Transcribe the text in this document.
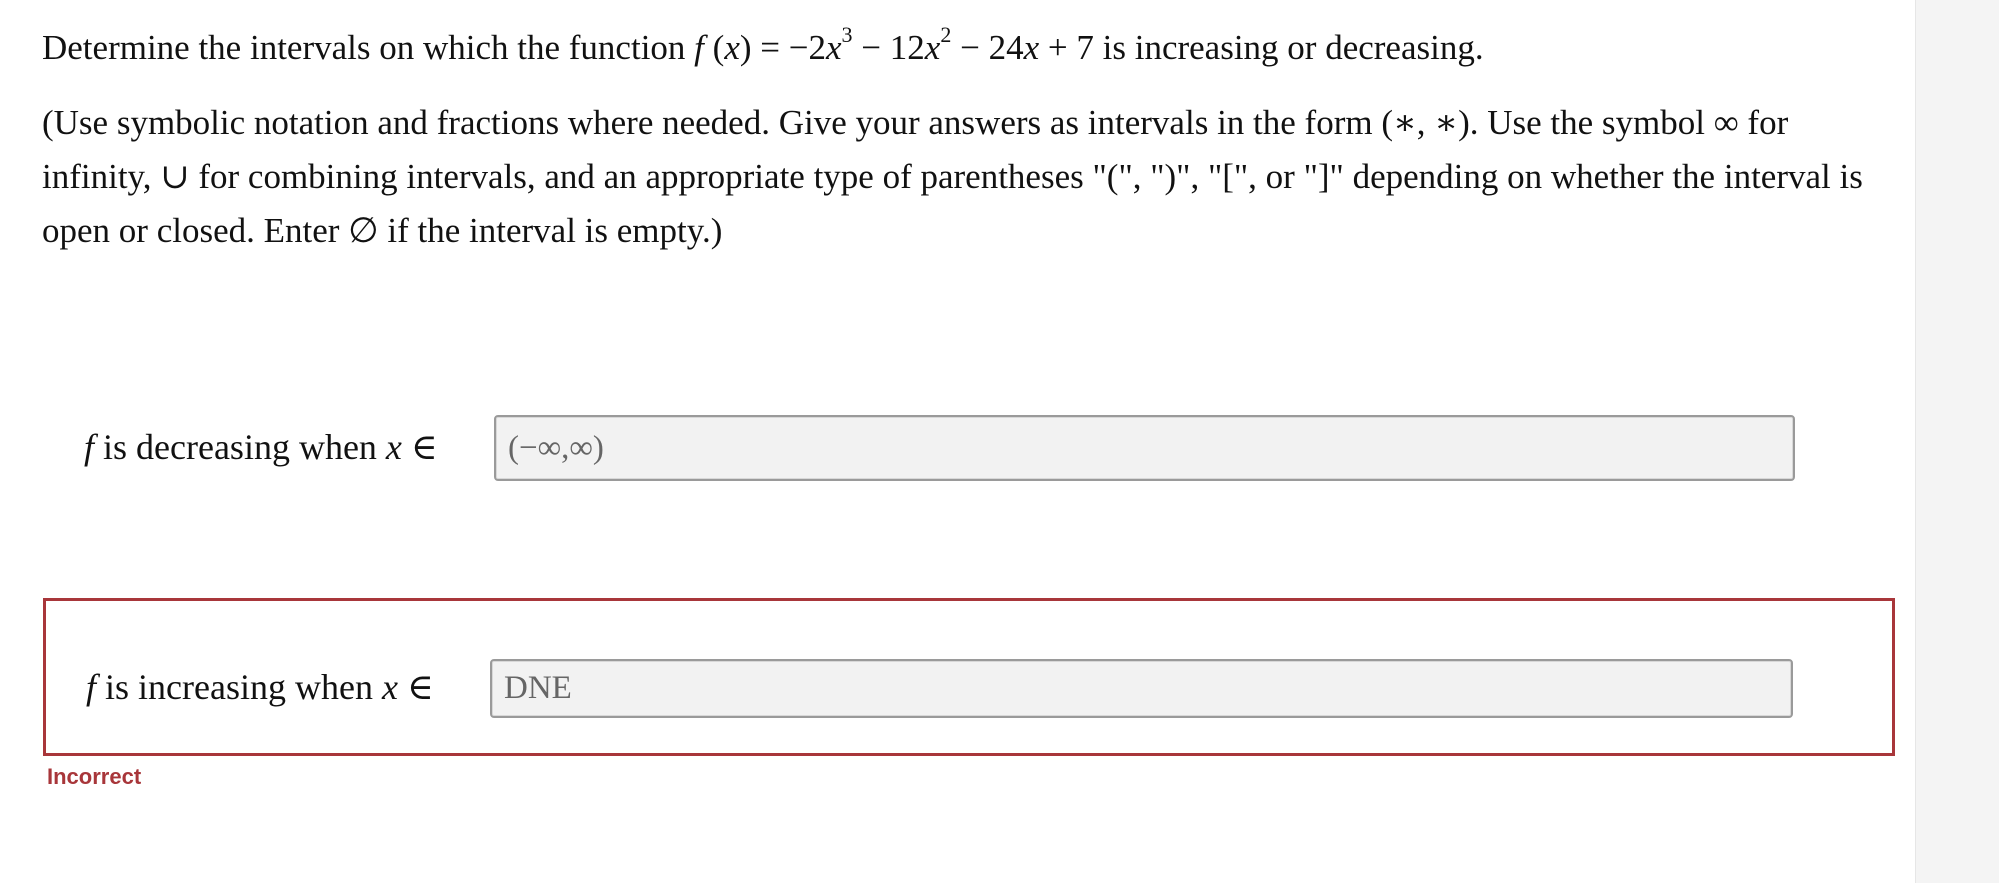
Determine the intervals on which the function f $(x) = -2x^3 - 12x^2 - 24x + 7$ is increasing or decreasing.
(Use symbolic notation and fractions where needed. Give your answers as intervals in the form (∗, ∗). Use the symbol ∞ for infinity, ∪ for combining intervals, and an appropriate type of parentheses "(", ")", "[", or "]" depending on whether the interval is open or closed. Enter ∅ if the interval is empty.)
f is decreasing when x ∈	(−∞,∞)
f is increasing when x ∈	DNE
Incorrect
